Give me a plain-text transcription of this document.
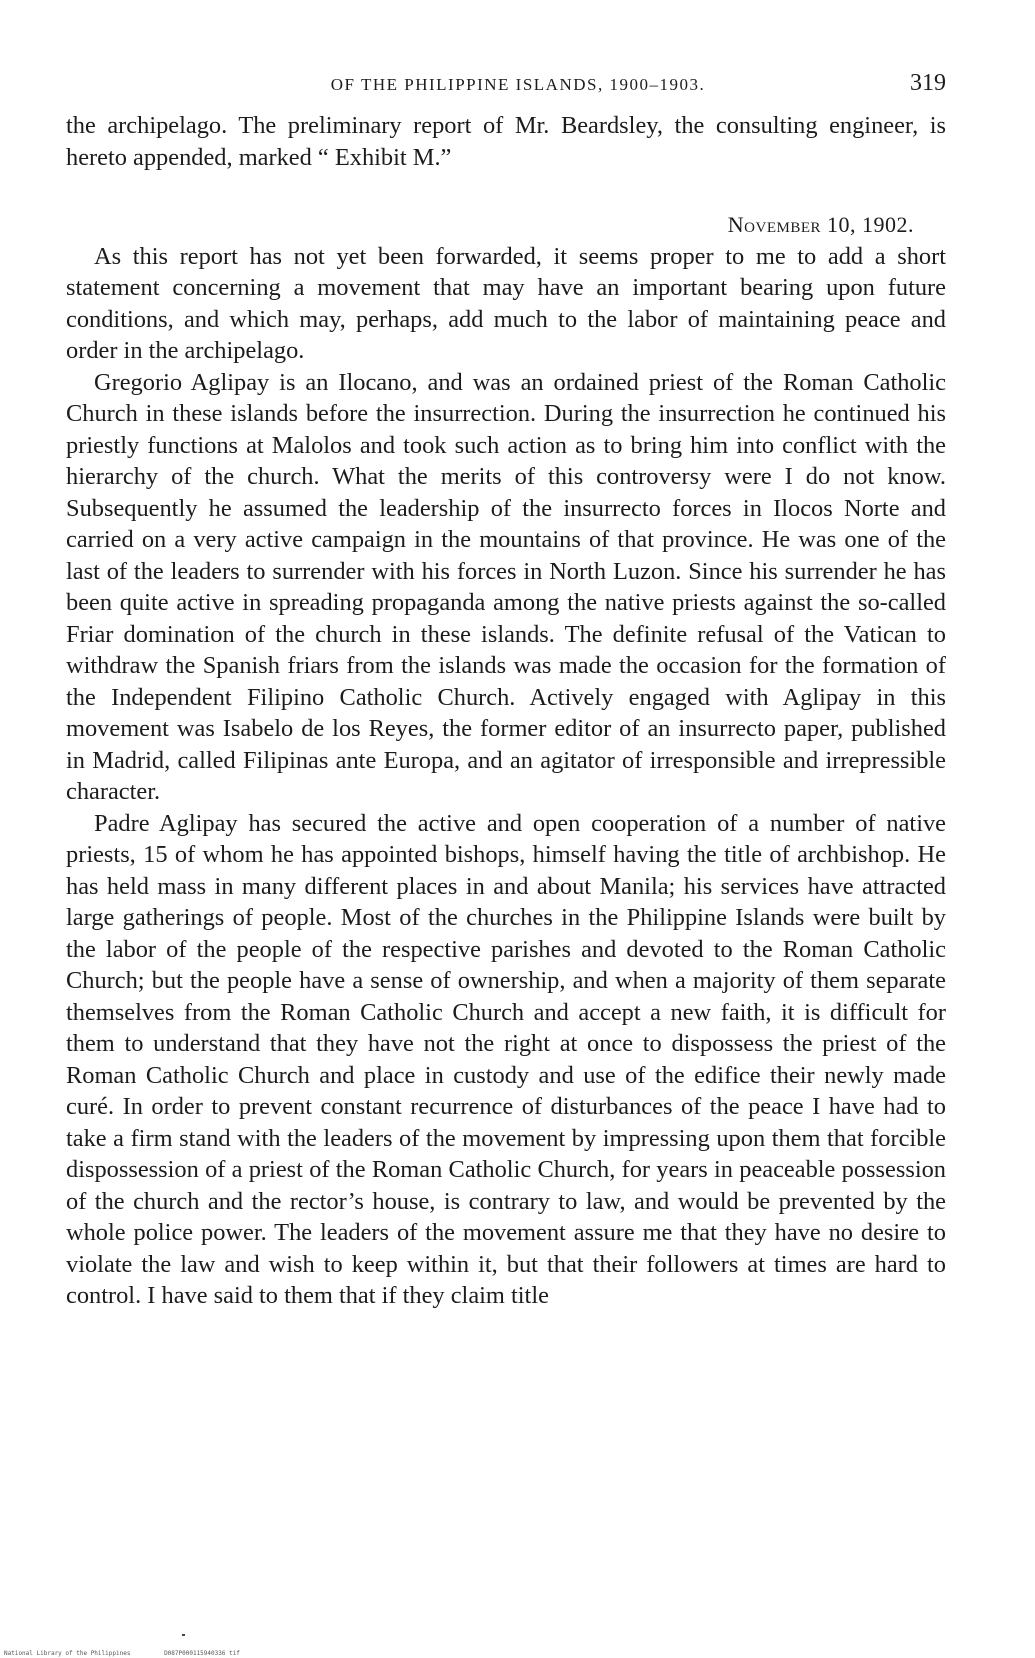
OF THE PHILIPPINE ISLANDS, 1900–1903.	319

the archipelago. The preliminary report of Mr. Beardsley, the consulting engineer, is hereto appended, marked “ Exhibit M.”

November 10, 1902.

As this report has not yet been forwarded, it seems proper to me to add a short statement concerning a movement that may have an important bearing upon future conditions, and which may, perhaps, add much to the labor of maintaining peace and order in the archipelago.

Gregorio Aglipay is an Ilocano, and was an ordained priest of the Roman Catholic Church in these islands before the insurrection. During the insurrection he continued his priestly functions at Malolos and took such action as to bring him into conflict with the hierarchy of the church. What the merits of this controversy were I do not know. Subsequently he assumed the leadership of the insurrecto forces in Ilocos Norte and carried on a very active campaign in the mountains of that province. He was one of the last of the leaders to surrender with his forces in North Luzon. Since his surrender he has been quite active in spreading propaganda among the native priests against the so-called Friar domination of the church in these islands. The definite refusal of the Vatican to withdraw the Spanish friars from the islands was made the occasion for the formation of the Independent Filipino Catholic Church. Actively engaged with Aglipay in this movement was Isabelo de los Reyes, the former editor of an insurrecto paper, published in Madrid, called Filipinas ante Europa, and an agitator of irresponsible and irrepressible character.

Padre Aglipay has secured the active and open cooperation of a number of native priests, 15 of whom he has appointed bishops, himself having the title of archbishop. He has held mass in many different places in and about Manila; his services have attracted large gatherings of people. Most of the churches in the Philippine Islands were built by the labor of the people of the respective parishes and devoted to the Roman Catholic Church; but the people have a sense of ownership, and when a majority of them separate themselves from the Roman Catholic Church and accept a new faith, it is difficult for them to understand that they have not the right at once to dispossess the priest of the Roman Catholic Church and place in custody and use of the edifice their newly made curé. In order to prevent constant recurrence of disturbances of the peace I have had to take a firm stand with the leaders of the movement by impressing upon them that forcible dispossession of a priest of the Roman Catholic Church, for years in peaceable possession of the church and the rector’s house, is contrary to law, and would be prevented by the whole police power. The leaders of the movement assure me that they have no desire to violate the law and wish to keep within it, but that their followers at times are hard to control. I have said to them that if they claim title

National Library of the Philippines	D087P000115940336 tif
